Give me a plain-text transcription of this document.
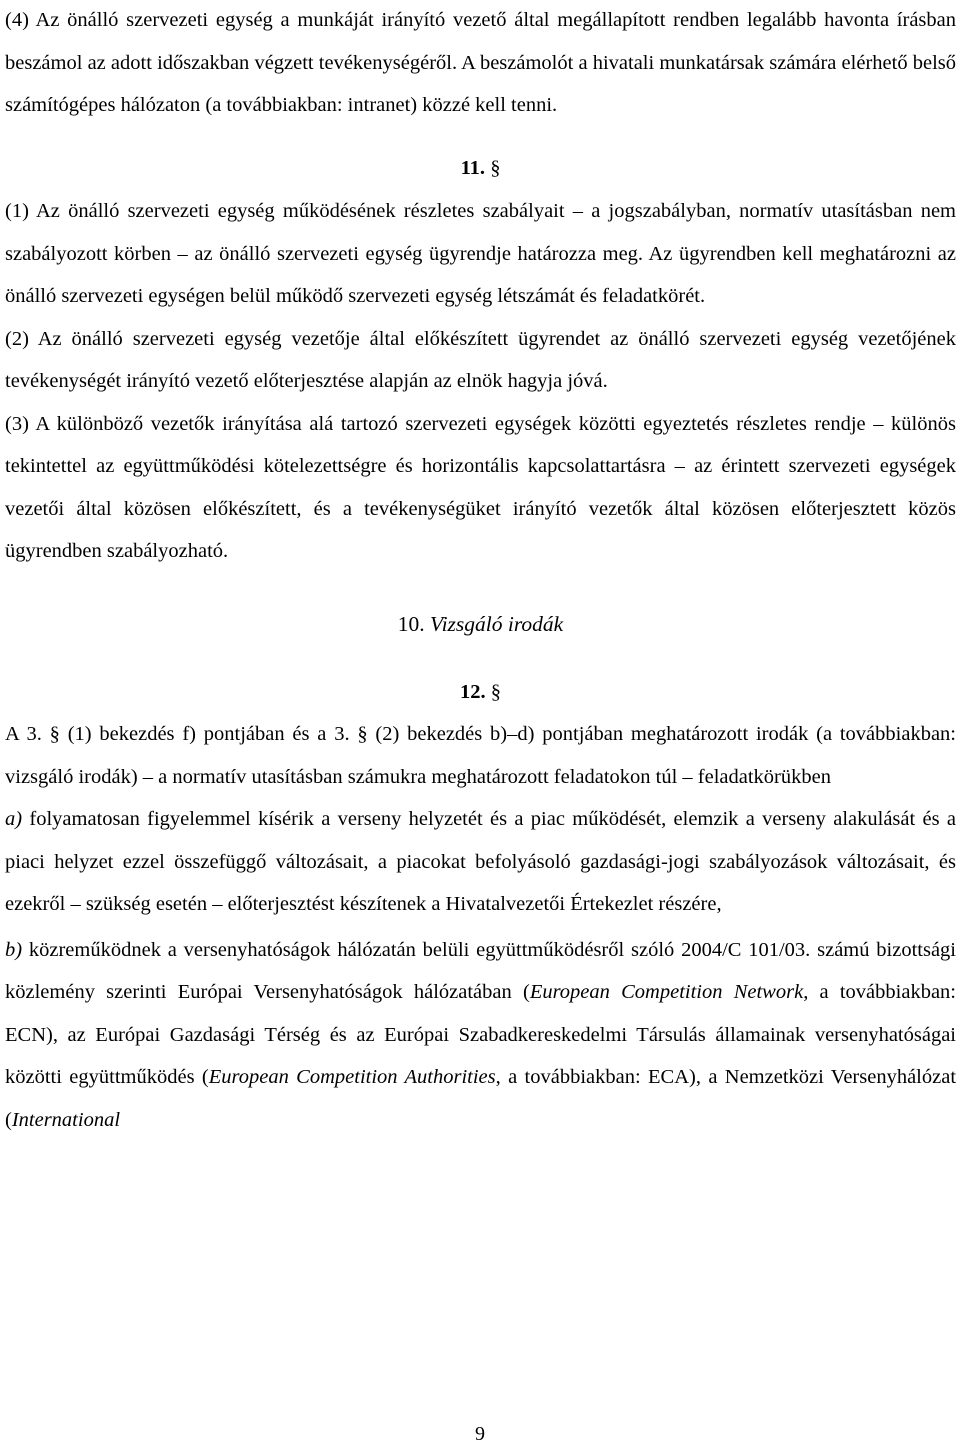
(4) Az önálló szervezeti egység a munkáját irányító vezető által megállapított rendben legalább havonta írásban beszámol az adott időszakban végzett tevékenységéről. A beszámolót a hivatali munkatársak számára elérhető belső számítógépes hálózaton (a továbbiakban: intranet) közzé kell tenni.

11. §

(1) Az önálló szervezeti egység működésének részletes szabályait – a jogszabályban, normatív utasításban nem szabályozott körben – az önálló szervezeti egység ügyrendje határozza meg. Az ügyrendben kell meghatározni az önálló szervezeti egységen belül működő szervezeti egység létszámát és feladatkörét.

(2) Az önálló szervezeti egység vezetője által előkészített ügyrendet az önálló szervezeti egység vezetőjének tevékenységét irányító vezető előterjesztése alapján az elnök hagyja jóvá.

(3) A különböző vezetők irányítása alá tartozó szervezeti egységek közötti egyeztetés részletes rendje – különös tekintettel az együttműködési kötelezettségre és horizontális kapcsolattartásra – az érintett szervezeti egységek vezetői által közösen előkészített, és a tevékenységüket irányító vezetők által közösen előterjesztett közös ügyrendben szabályozható.

10. Vizsgáló irodák
12. §

A 3. § (1) bekezdés f) pontjában és a 3. § (2) bekezdés b)–d) pontjában meghatározott irodák (a továbbiakban: vizsgáló irodák) – a normatív utasításban számukra meghatározott feladatokon túl – feladatkörükben

a) folyamatosan figyelemmel kísérik a verseny helyzetét és a piac működését, elemzik a verseny alakulását és a piaci helyzet ezzel összefüggő változásait, a piacokat befolyásoló gazdasági-jogi szabályozások változásait, és ezekről – szükség esetén – előterjesztést készítenek a Hivatalvezetői Értekezlet részére,

b) közreműködnek a versenyhatóságok hálózatán belüli együttműködésről szóló 2004/C 101/03. számú bizottsági közlemény szerinti Európai Versenyhatóságok hálózatában (European Competition Network, a továbbiakban: ECN), az Európai Gazdasági Térség és az Európai Szabadkereskedelmi Társulás államainak versenyhatóságai közötti együttműködés (European Competition Authorities, a továbbiakban: ECA), a Nemzetközi Versenyhálózat (International

9
